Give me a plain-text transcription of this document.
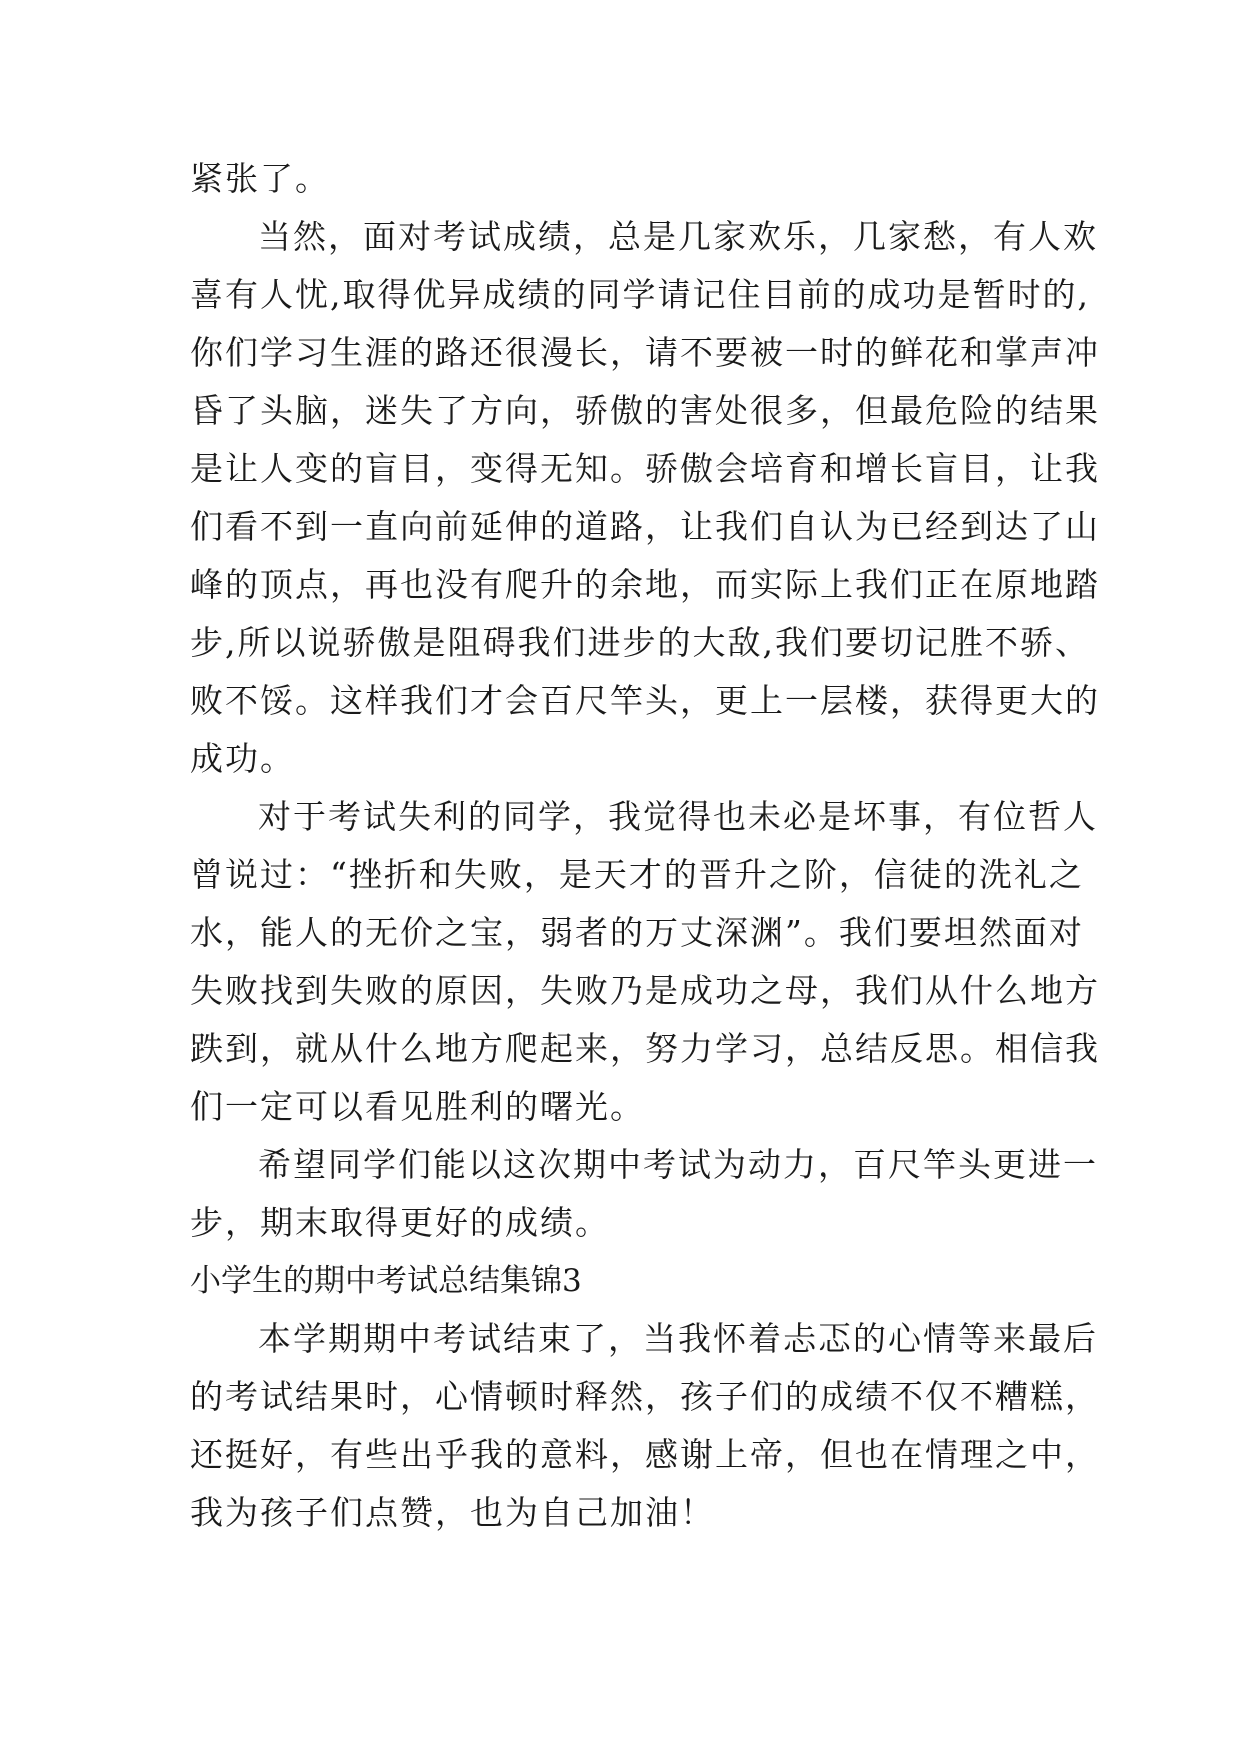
紧张了。
当然，面对考试成绩，总是几家欢乐，几家愁，有人欢
喜有人忧,取得优异成绩的同学请记住目前的成功是暂时的,
你们学习生涯的路还很漫长，请不要被一时的鲜花和掌声冲
昏了头脑，迷失了方向，骄傲的害处很多，但最危险的结果
是让人变的盲目，变得无知。骄傲会培育和增长盲目，让我
们看不到一直向前延伸的道路，让我们自认为已经到达了山
峰的顶点，再也没有爬升的余地，而实际上我们正在原地踏
步,所以说骄傲是阻碍我们进步的大敌,我们要切记胜不骄、
败不馁。这样我们才会百尺竿头，更上一层楼，获得更大的
成功。
对于考试失利的同学，我觉得也未必是坏事，有位哲人
曾说过：“挫折和失败，是天才的晋升之阶，信徒的洗礼之
水，能人的无价之宝，弱者的万丈深渊”。我们要坦然面对
失败找到失败的原因，失败乃是成功之母，我们从什么地方
跌到，就从什么地方爬起来，努力学习，总结反思。相信我
们一定可以看见胜利的曙光。
希望同学们能以这次期中考试为动力，百尺竿头更进一
步，期末取得更好的成绩。
小学生的期中考试总结集锦3
本学期期中考试结束了，当我怀着忐忑的心情等来最后
的考试结果时，心情顿时释然，孩子们的成绩不仅不糟糕，
还挺好，有些出乎我的意料，感谢上帝，但也在情理之中，
我为孩子们点赞，也为自己加油！
